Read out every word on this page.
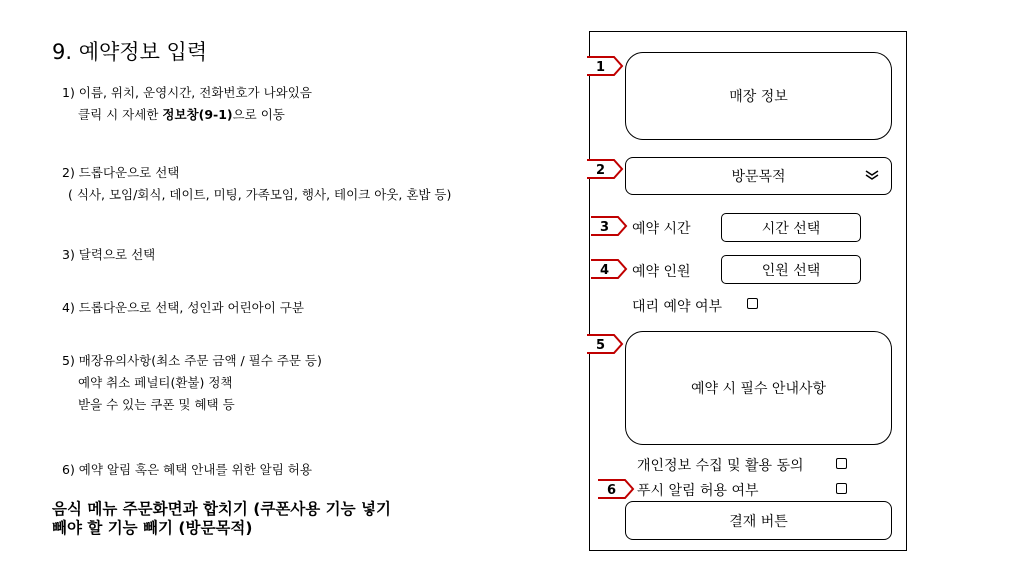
9. 예약정보 입력
1) 이름, 위치, 운영시간, 전화번호가 나와있음
클릭 시 자세한 정보창(9-1)으로 이동
2) 드롭다운으로 선택
( 식사, 모임/회식, 데이트, 미팅, 가족모임, 행사, 테이크 아웃, 혼밥 등)
3) 달력으로 선택
4) 드롭다운으로 선택, 성인과 어린아이 구분
5) 매장유의사항(최소 주문 금액 / 필수 주문 등)
예약 취소 페널티(환불) 정책
받을 수 있는 쿠폰 및 혜택 등
6) 예약 알림 혹은 혜택 안내를 위한 알림 허용
음식 메뉴 주문화면과 합치기 (쿠폰사용 기능 넣기
빼야 할 기능 빼기 (방문목적)
1
매장 정보
2	방문목적
3 예약 시간	시간 선택
4 예약 인원	인원 선택
대리 예약 여부
5
예약 시 필수 안내사항
개인정보 수집 및 활용 동의
6 푸시 알림 허용 여부
결재 버튼
